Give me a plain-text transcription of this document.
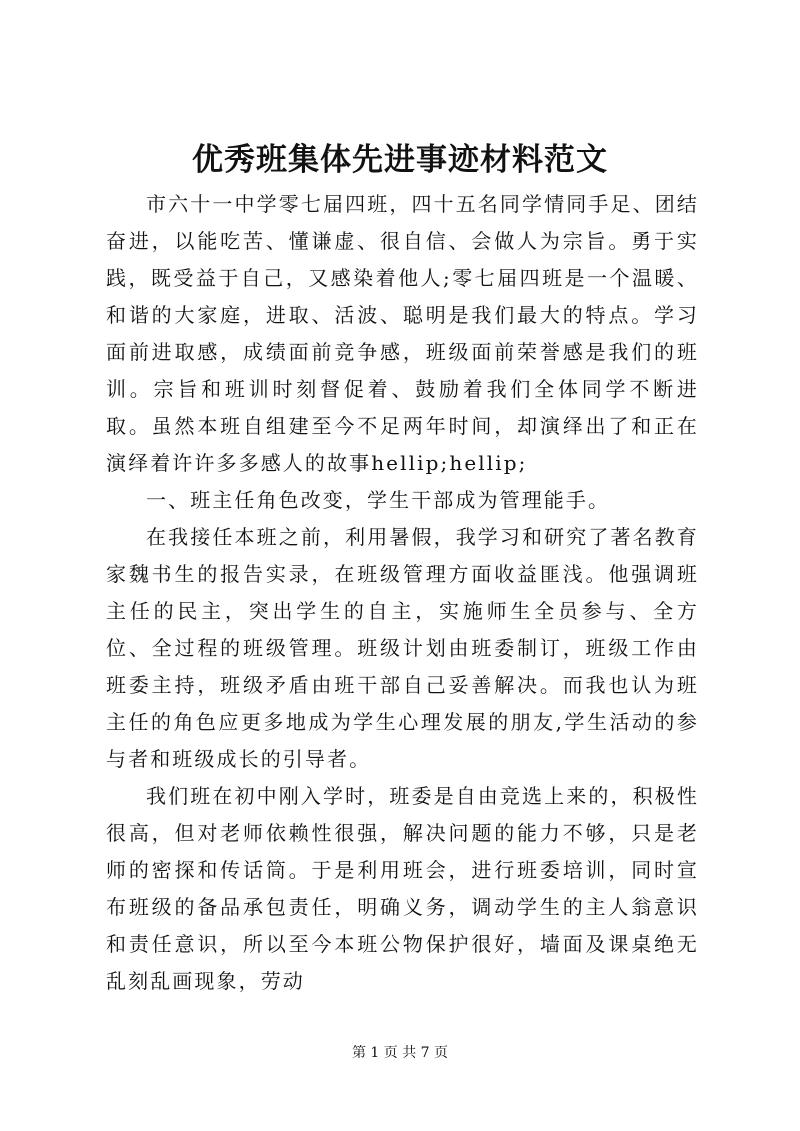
优秀班集体先进事迹材料范文

市六十一中学零七届四班，四十五名同学情同手足、团结奋进，以能吃苦、懂谦虚、很自信、会做人为宗旨。勇于实践，既受益于自己，又感染着他人;零七届四班是一个温暖、和谐的大家庭，进取、活波、聪明是我们最大的特点。学习面前进取感，成绩面前竞争感，班级面前荣誉感是我们的班训。宗旨和班训时刻督促着、鼓励着我们全体同学不断进取。虽然本班自组建至今不足两年时间，却演绎出了和正在演绎着许许多多感人的故事hellip;hellip;

一、班主任角色改变，学生干部成为管理能手。

在我接任本班之前，利用暑假，我学习和研究了著名教育家魏书生的报告实录，在班级管理方面收益匪浅。他强调班主任的民主，突出学生的自主，实施师生全员参与、全方位、全过程的班级管理。班级计划由班委制订，班级工作由班委主持，班级矛盾由班干部自己妥善解决。而我也认为班主任的角色应更多地成为学生心理发展的朋友,学生活动的参与者和班级成长的引导者。

我们班在初中刚入学时，班委是自由竞选上来的，积极性很高，但对老师依赖性很强，解决问题的能力不够，只是老师的密探和传话筒。于是利用班会，进行班委培训，同时宣布班级的备品承包责任，明确义务，调动学生的主人翁意识和责任意识，所以至今本班公物保护很好，墙面及课桌绝无乱刻乱画现象，劳动

第 1 页 共 7 页
